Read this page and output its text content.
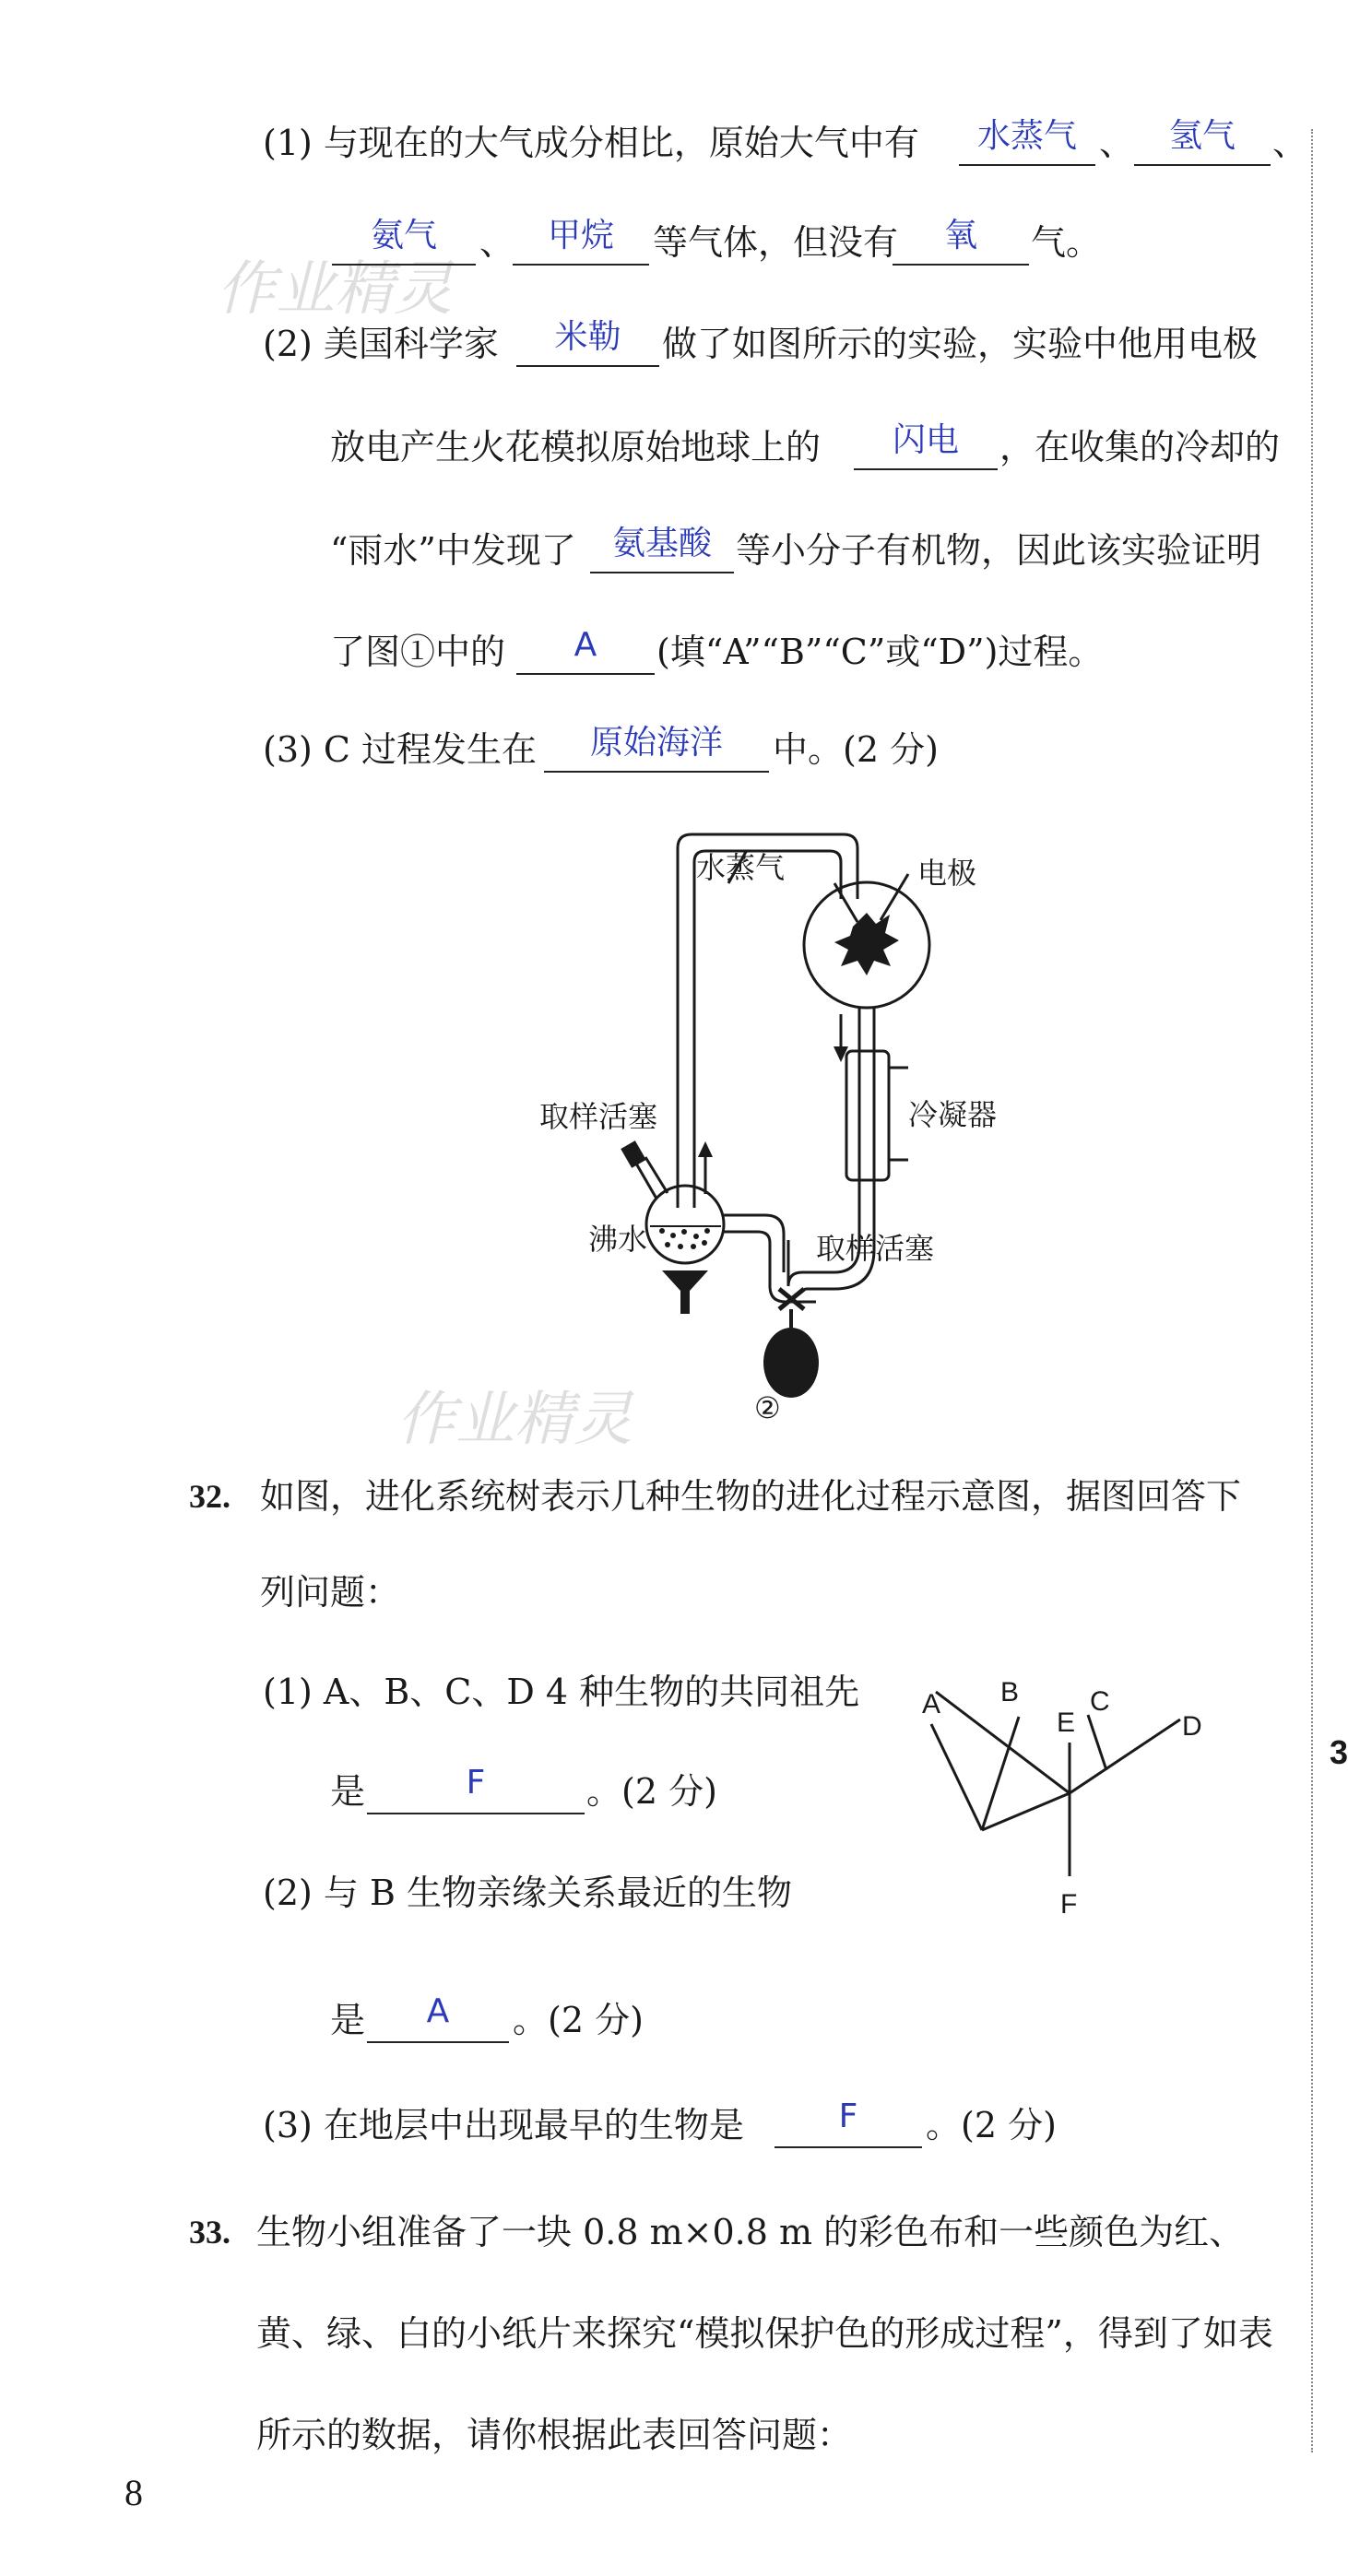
3
作业精灵
作业精灵
(1) 与现在的大气成分相比，原始大气中有	水蒸气 、	氢气	、
氨气	、 甲烷	等气体，但没有	氧	气。
(2) 美国科学家	米勒	做了如图所示的实验，实验中他用电极
放电产生火花模拟原始地球上的	闪电	，在收集的冷却的
“雨水”中发现了	氨基酸 等小分子有机物，因此该实验证明
了图①中的	A	(填“A”“B”“C”或“D”)过程。
(3) C 过程发生在	原始海洋	中。(2 分)
水蒸气	电极
冷凝器
取样活塞
沸水	取样活塞
②
32. 如图，进化系统树表示几种生物的进化过程示意图，据图回答下
列问题：
(1) A、B、C、D 4 种生物的共同祖先
是	F	。(2 分)
(2) 与 B 生物亲缘关系最近的生物
是	A	。(2 分)
(3) 在地层中出现最早的生物是	F	。(2 分)
A B
E
C
D
F
33. 生物小组准备了一块 0.8 m×0.8 m 的彩色布和一些颜色为红、
黄、绿、白的小纸片来探究“模拟保护色的形成过程”，得到了如表
所示的数据，请你根据此表回答问题：
8
